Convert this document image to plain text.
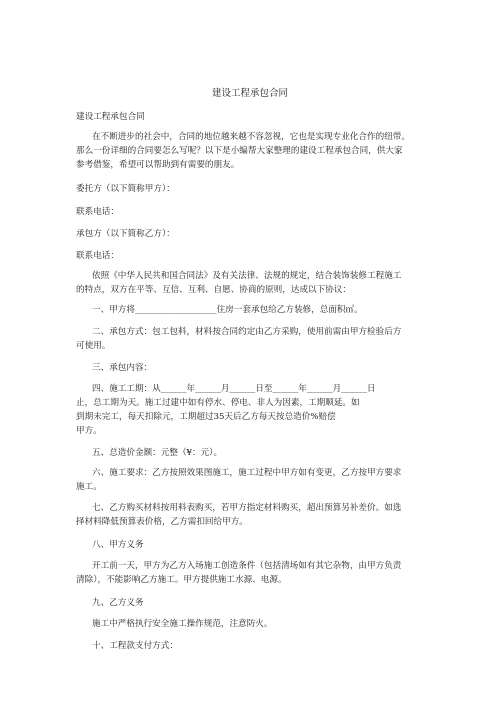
建设工程承包合同
建设工程承包合同
在不断进步的社会中，合同的地位越来越不容忽视，它也是实现专业化合作的纽带。
那么一份详细的合同要怎么写呢？以下是小编帮大家整理的建设工程承包合同，供大家
参考借鉴，希望可以帮助到有需要的朋友。
委托方（以下简称甲方）：
联系电话：
承包方（以下简称乙方）：
联系电话：
依照《中华人民共和国合同法》及有关法律、法规的规定，结合装饰装修工程施工
的特点，双方在平等、互信、互利、自愿、协商的原则，达成以下协议：
一、甲方将___________________住房一套承包给乙方装修，总面积㎡。
二、承包方式：包工包料，材料按合同约定由乙方采购，使用前需由甲方检验后方
可使用。
三、承包内容：
四、施工工期：从______年______月______日至______年______月______日
止，总工期为天。施工过建中如有停水、停电、非人为因素，工期顺延。如
到期未完工，每天扣除元，工期超过35天后乙方每天按总造价%赔偿
甲方。
五、总造价金额：元整（¥：元）。
六、施工要求：乙方按照效果图施工，施工过程中甲方如有变更，乙方按甲方要求
施工。
七、乙方购买材料按用料表购买，若甲方指定材料购买，超出预算另补差价。如选
择材料降低预算表价格，乙方需扣回给甲方。
八、甲方义务
开工前一天，甲方为乙方入场施工创造条件（包括清场如有其它杂物，由甲方负责
清除），不能影响乙方施工。甲方提供施工水源、电源。
九、乙方义务
施工中严格执行安全施工操作规范，注意防火。
十、工程款支付方式：
